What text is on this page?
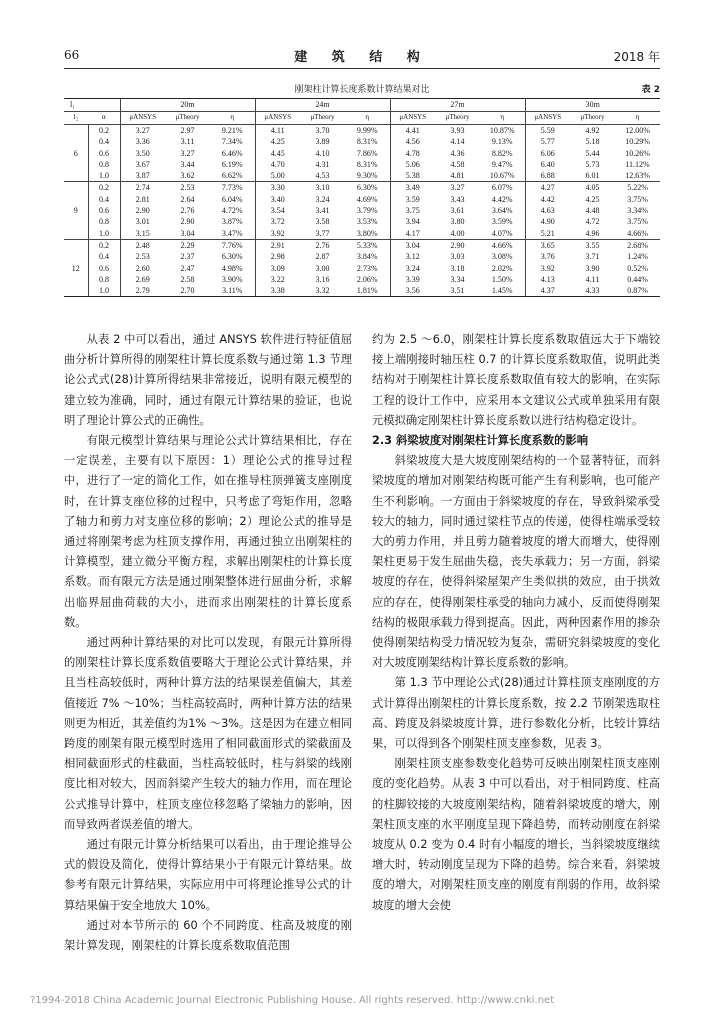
66	建 筑 结 构	2018 年
刚架柱计算长度系数计算结果对比	表 2
l₁		20m			24m			27m			30m		
l₂	α	μANSYS	μTheory	η	μANSYS	μTheory	η	μANSYS	μTheory	η	μANSYS	μTheory	η
6	0.2	3.27	2.97	9.21%	4.11	3.70	9.99%	4.41	3.93	10.87%	5.59	4.92	12.00%
	0.4	3.36	3.11	7.34%	4.25	3.89	8.31%	4.56	4.14	9.13%	5.77	5.18	10.29%
	0.6	3.50	3.27	6.46%	4.45	4.10	7.86%	4.78	4.36	8.82%	6.06	5.44	10.26%
	0.8	3.67	3.44	6.19%	4.70	4.31	8.31%	5.06	4.58	9.47%	6.40	5.73	11.12%
	1.0	3.87	3.62	6.62%	5.00	4.53	9.30%	5.38	4.81	10.67%	6.88	6.01	12.63%
9	0.2	2.74	2.53	7.73%	3.30	3.10	6.30%	3.49	3.27	6.07%	4.27	4.05	5.22%
	0.4	2.81	2.64	6.04%	3.40	3.24	4.69%	3.59	3.43	4.42%	4.42	4.25	3.75%
	0.6	2.90	2.76	4.72%	3.54	3.41	3.79%	3.75	3.61	3.64%	4.63	4.48	3.34%
	0.8	3.01	2.90	3.87%	3.72	3.58	3.53%	3.94	3.80	3.59%	4.90	4.72	3.75%
	1.0	3.15	3.04	3.47%	3.92	3.77	3.80%	4.17	4.00	4.07%	5.21	4.96	4.66%
12	0.2	2.48	2.29	7.76%	2.91	2.76	5.33%	3.04	2.90	4.66%	3.65	3.55	2.68%
	0.4	2.53	2.37	6.30%	2.98	2.87	3.84%	3.12	3.03	3.08%	3.76	3.71	1.24%
	0.6	2.60	2.47	4.98%	3.09	3.00	2.73%	3.24	3.18	2.02%	3.92	3.90	0.52%
	0.8	2.69	2.58	3.90%	3.22	3.16	2.06%	3.39	3.34	1.50%	4.13	4.11	0.44%
	1.0	2.79	2.70	3.11%	3.38	3.32	1.81%	3.56	3.51	1.45%	4.37	4.33	0.87%

从表 2 中可以看出，通过 ANSYS 软件进行特征值屈曲分析计算所得的刚架柱计算长度系数与通过第 1.3 节理论公式式(28)计算所得结果非常接近，说明有限元模型的建立较为准确，同时，通过有限元计算结果的验证，也说明了理论计算公式的正确性。

有限元模型计算结果与理论公式计算结果相比，存在一定误差，主要有以下原因：1）理论公式的推导过程中，进行了一定的简化工作，如在推导柱顶弹簧支座刚度时，在计算支座位移的过程中，只考虑了弯矩作用，忽略了轴力和剪力对支座位移的影响；2）理论公式的推导是通过将刚架考虑为柱顶支撑作用，再通过独立出刚架柱的计算模型，建立微分平衡方程，求解出刚架柱的计算长度系数。而有限元方法是通过刚架整体进行屈曲分析，求解出临界屈曲荷载的大小，进而求出刚架柱的计算长度系数。

通过两种计算结果的对比可以发现，有限元计算所得的刚架柱计算长度系数值要略大于理论公式计算结果，并且当柱高较低时，两种计算方法的结果误差值偏大，其差值接近 7% ～10%；当柱高较高时，两种计算方法的结果则更为相近，其差值约为1% ～3%。这是因为在建立相同跨度的刚架有限元模型时选用了相同截面形式的梁截面及相同截面形式的柱截面，当柱高较低时，柱与斜梁的线刚度比相对较大，因而斜梁产生较大的轴力作用，而在理论公式推导计算中，柱顶支座位移忽略了梁轴力的影响，因而导致两者误差值的增大。

通过有限元计算分析结果可以看出，由于理论推导公式的假设及简化，使得计算结果小于有限元计算结果。故参考有限元计算结果，实际应用中可将理论推导公式的计算结果偏于安全地放大 10%。

通过对本节所示的 60 个不同跨度、柱高及坡度的刚架计算发现，刚架柱的计算长度系数取值范围

约为 2.5 ～6.0，刚架柱计算长度系数取值远大于下端铰接上端刚接时轴压柱 0.7 的计算长度系数取值，说明此类结构对于刚架柱计算长度系数取值有较大的影响，在实际工程的设计工作中，应采用本文建议公式或单独采用有限元模拟确定刚架柱计算长度系数以进行结构稳定设计。

2.3 斜梁坡度对刚架柱计算长度系数的影响

斜梁坡度大是大坡度刚架结构的一个显著特征，而斜梁坡度的增加对刚架结构既可能产生有利影响，也可能产生不利影响。一方面由于斜梁坡度的存在，导致斜梁承受较大的轴力，同时通过梁柱节点的传递，使得柱端承受较大的剪力作用，并且剪力随着坡度的增大而增大，使得刚架柱更易于发生屈曲失稳，丧失承载力；另一方面，斜梁坡度的存在，使得斜梁屋架产生类似拱的效应，由于拱效应的存在，使得刚架柱承受的轴向力减小，反而使得刚架结构的极限承载力得到提高。因此，两种因素作用的掺杂使得刚架结构受力情况较为复杂，需研究斜梁坡度的变化对大坡度刚架结构计算长度系数的影响。

第 1.3 节中理论公式(28)通过计算柱顶支座刚度的方式计算得出刚架柱的计算长度系数，按 2.2 节刚架选取柱高、跨度及斜梁坡度计算，进行参数化分析，比较计算结果，可以得到各个刚架柱顶支座参数，见表 3。

刚架柱顶支座参数变化趋势可反映出刚架柱顶支座刚度的变化趋势。从表 3 中可以看出，对于相同跨度、柱高的柱脚铰接的大坡度刚架结构，随着斜梁坡度的增大，刚架柱顶支座的水平刚度呈现下降趋势，而转动刚度在斜梁坡度从 0.2 变为 0.4 时有小幅度的增长，当斜梁坡度继续增大时，转动刚度呈现为下降的趋势。综合来看，斜梁坡度的增大，对刚架柱顶支座的刚度有削弱的作用，故斜梁坡度的增大会使

?1994-2018 China Academic Journal Electronic Publishing House. All rights reserved. http://www.cnki.net
